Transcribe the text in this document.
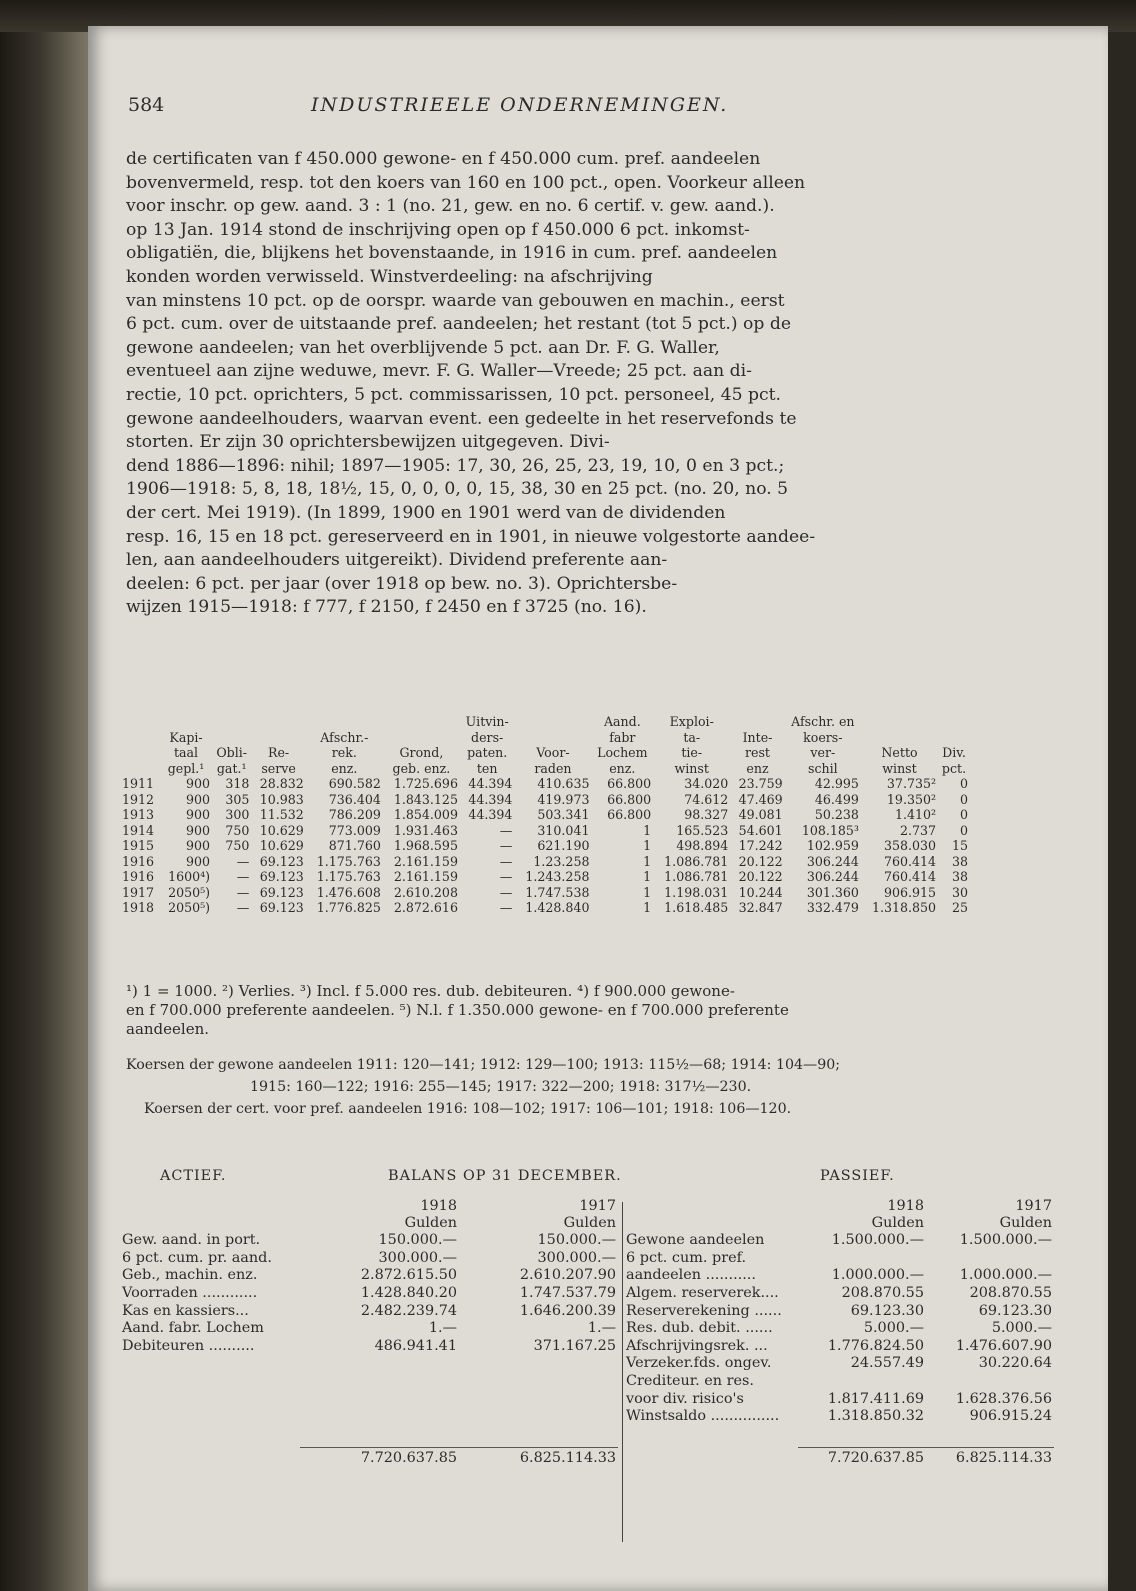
584	INDUSTRIEELE ONDERNEMINGEN.
de certificaten van f 450.000 gewone- en f 450.000 cum. pref. aandeelen
bovenvermeld, resp. tot den koers van 160 en 100 pct., open. Voorkeur alleen
voor inschr. op gew. aand. 3 : 1 (no. 21, gew. en no. 6 certif. v. gew. aand.).
op 13 Jan. 1914 stond de inschrijving open op f 450.000 6 pct. inkomst-
obligatiën, die, blijkens het bovenstaande, in 1916 in cum. pref. aandeelen
konden worden verwisseld. Winstverdeeling: na afschrijving
van minstens 10 pct. op de oorspr. waarde van gebouwen en machin., eerst
6 pct. cum. over de uitstaande pref. aandeelen; het restant (tot 5 pct.) op de
gewone aandeelen; van het overblijvende 5 pct. aan Dr. F. G. Waller,
eventueel aan zijne weduwe, mevr. F. G. Waller—Vreede; 25 pct. aan di-
rectie, 10 pct. oprichters, 5 pct. commissarissen, 10 pct. personeel, 45 pct.
gewone aandeelhouders, waarvan event. een gedeelte in het reservefonds te
storten. Er zijn 30 oprichtersbewijzen uitgegeven. Divi-
dend 1886—1896: nihil; 1897—1905: 17, 30, 26, 25, 23, 19, 10, 0 en 3 pct.;
1906—1918: 5, 8, 18, 18½, 15, 0, 0, 0, 0, 15, 38, 30 en 25 pct. (no. 20, no. 5
der cert. Mei 1919). (In 1899, 1900 en 1901 werd van de dividenden
resp. 16, 15 en 18 pct. gereserveerd en in 1901, in nieuwe volgestorte aandee-
len, aan aandeelhouders uitgereikt). Dividend preferente aan-
deelen: 6 pct. per jaar (over 1918 op bew. no. 3). Oprichtersbe-
wijzen 1915—1918: f 777, f 2150, f 2450 en f 3725 (no. 16).
						Uitvin-		Aand.	Exploi-		Afschr. en		
	Kapi-			Afschr.-		ders-		fabr	ta-	Inte-	koers-		
	taal	Obli-	Re-	rek.	Grond,	paten.	Voor-	Lochem	tie-	rest	ver-	Netto	Div.
	gepl.¹	gat.¹	serve	enz.	geb. enz.	ten	raden	enz.	winst	enz	schil	winst	pct.
1911	900	318	28.832	690.582	1.725.696	44.394	410.635	66.800	34.020	23.759	42.995	37.735²	0
1912	900	305	10.983	736.404	1.843.125	44.394	419.973	66.800	74.612	47.469	46.499	19.350²	0
1913	900	300	11.532	786.209	1.854.009	44.394	503.341	66.800	98.327	49.081	50.238	1.410²	0
1914	900	750	10.629	773.009	1.931.463	—	310.041	1	165.523	54.601	108.185³	2.737	0
1915	900	750	10.629	871.760	1.968.595	—	621.190	1	498.894	17.242	102.959	358.030	15
1916	900	—	69.123	1.175.763	2.161.159	—	1.23.258	1	1.086.781	20.122	306.244	760.414	38
1916	1600⁴)	—	69.123	1.175.763	2.161.159	—	1.243.258	1	1.086.781	20.122	306.244	760.414	38
1917	2050⁵)	—	69.123	1.476.608	2.610.208	—	1.747.538	1	1.198.031	10.244	301.360	906.915	30
1918	2050⁵)	—	69.123	1.776.825	2.872.616	—	1.428.840	1	1.618.485	32.847	332.479	1.318.850	25
¹) 1 = 1000. ²) Verlies. ³) Incl. f 5.000 res. dub. debiteuren. ⁴) f 900.000 gewone-
en f 700.000 preferente aandeelen. ⁵) N.l. f 1.350.000 gewone- en f 700.000 preferente
aandeelen.
Koersen der gewone aandeelen 1911: 120—141; 1912: 129—100; 1913: 115½—68; 1914: 104—90;
1915: 160—122; 1916: 255—145; 1917: 322—200; 1918: 317½—230.
Koersen der cert. voor pref. aandeelen 1916: 108—102; 1917: 106—101; 1918: 106—120.
ACTIEF.	BALANS OP 31 DECEMBER.	PASSIEF.
	1918	1917
	Gulden	Gulden
Gew. aand. in port.	150.000.—	150.000.—
6 pct. cum. pr. aand.	300.000.—	300.000.—
Geb., machin. enz.	2.872.615.50	2.610.207.90
Voorraden ............	1.428.840.20	1.747.537.79
Kas en kassiers...	2.482.239.74	1.646.200.39
Aand. fabr. Lochem	1.—	1.—
Debiteuren ..........	486.941.41	371.167.25

	7.720.637.85	6.825.114.33
	1918	1917
	Gulden	Gulden
Gewone aandeelen	1.500.000.—	1.500.000.—
6 pct. cum. pref.		
aandeelen ...........	1.000.000.—	1.000.000.—
Algem. reserverek....	208.870.55	208.870.55
Reserverekening ......	69.123.30	69.123.30
Res. dub. debit. ......	5.000.—	5.000.—
Afschrijvingsrek. ...	1.776.824.50	1.476.607.90
Verzeker.fds. ongev.	24.557.49	30.220.64
Crediteur. en res.		
voor div. risico's	1.817.411.69	1.628.376.56
Winstsaldo ...............	1.318.850.32	906.915.24

	7.720.637.85	6.825.114.33
